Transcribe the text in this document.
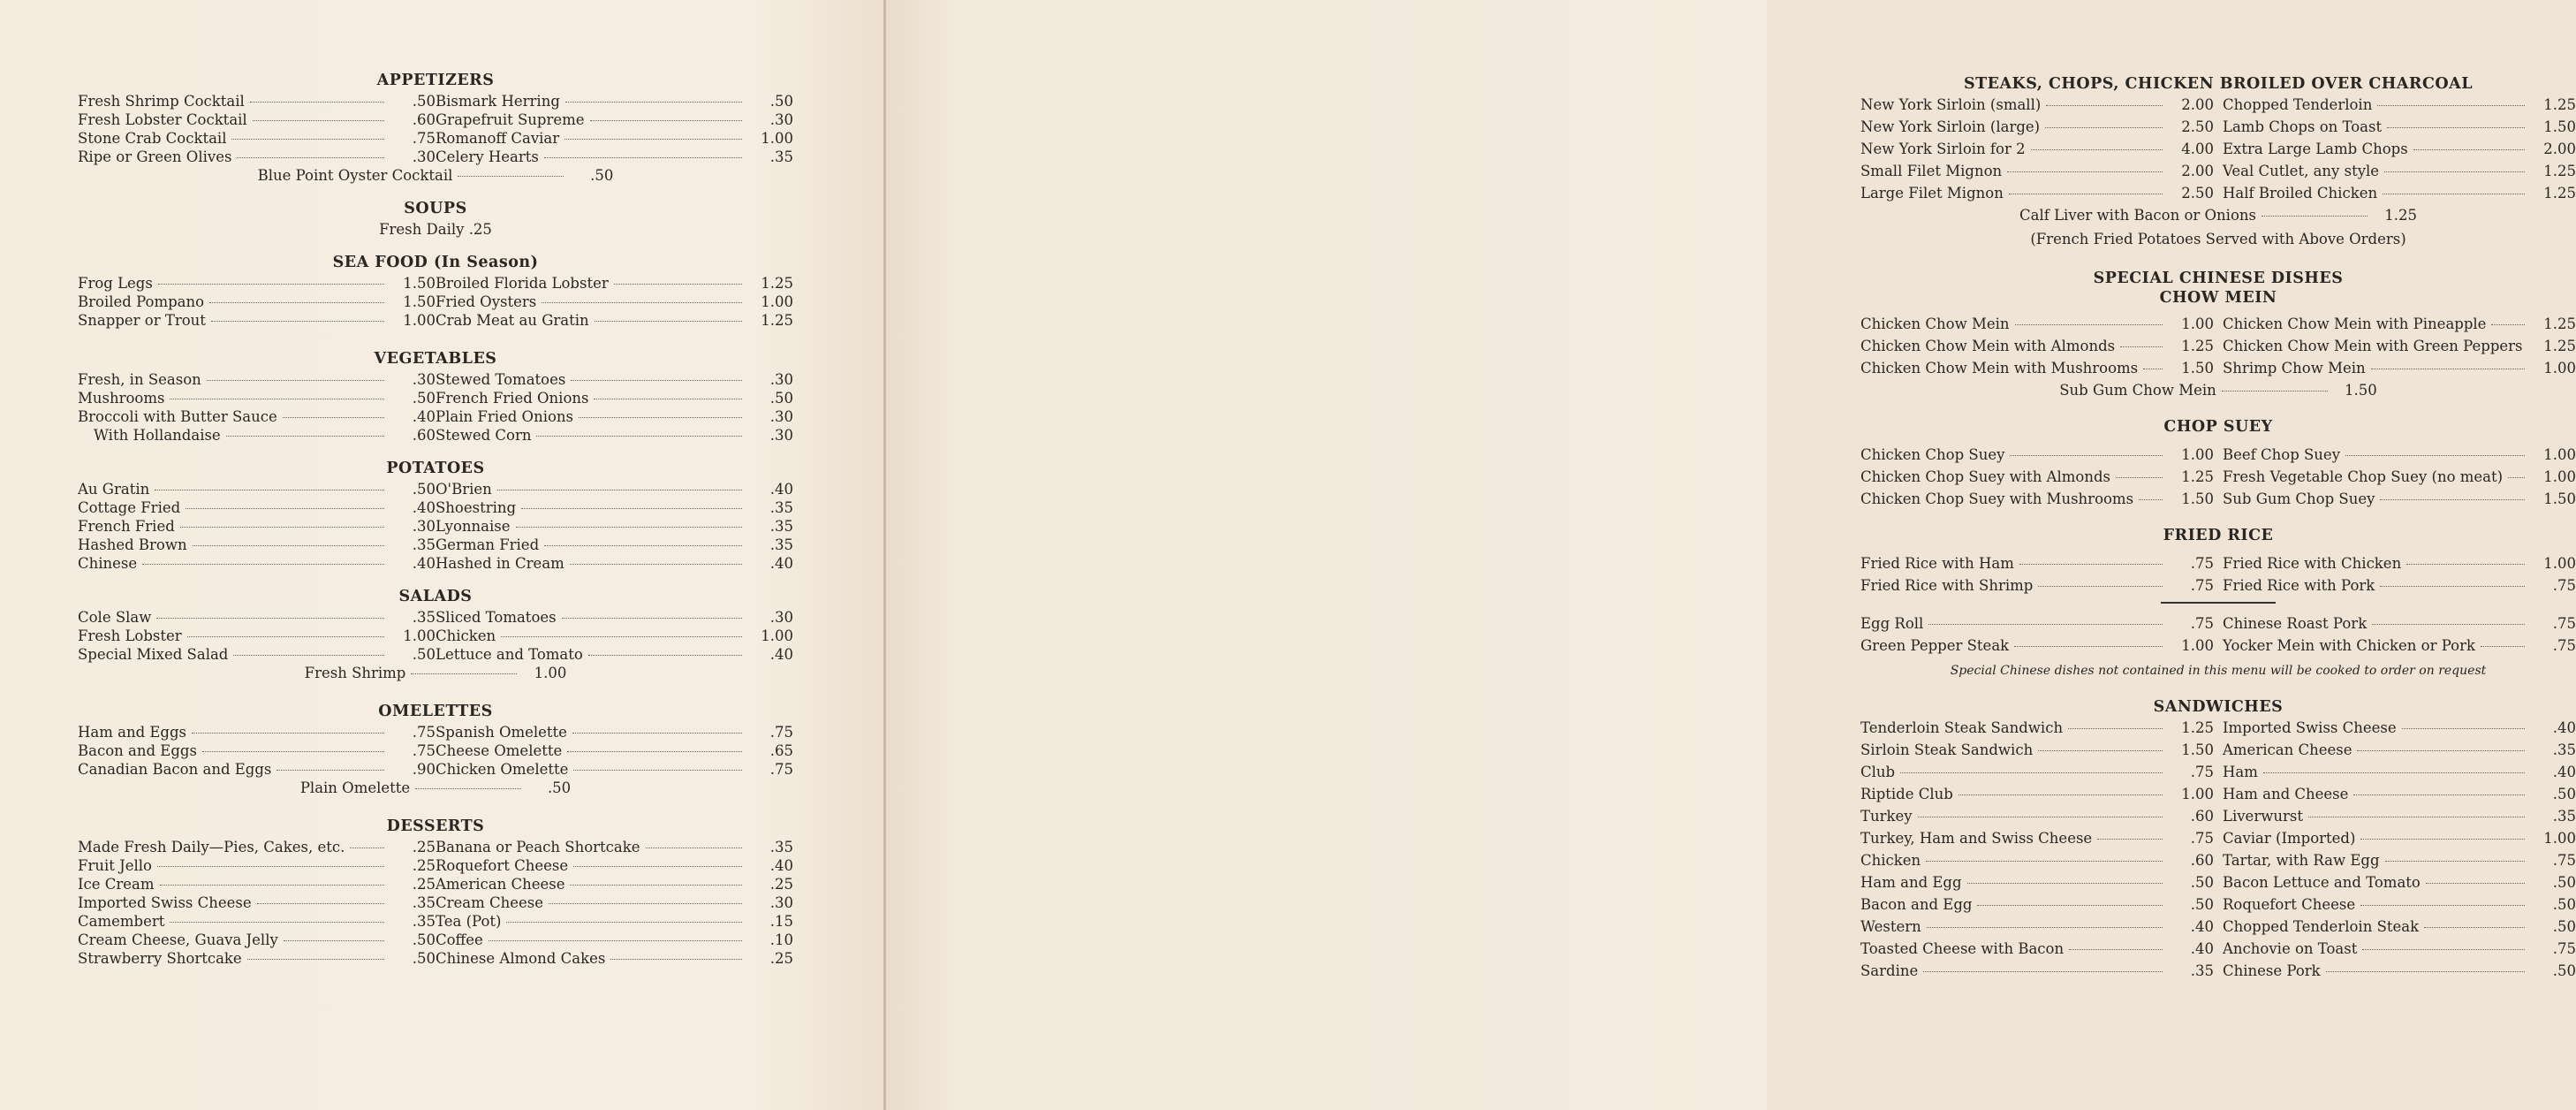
APPETIZERS
Fresh Shrimp Cocktail	.50
Fresh Lobster Cocktail	.60
Stone Crab Cocktail	.75
Ripe or Green Olives	.30
Bismark Herring	.50
Grapefruit Supreme	.30
Romanoff Caviar	1.00
Celery Hearts	.35
Blue Point Oyster Cocktail	.50
SOUPS
Fresh Daily .25
SEA FOOD (In Season)
Frog Legs	1.50
Broiled Pompano	1.50
Snapper or Trout	1.00
Broiled Florida Lobster	1.25
Fried Oysters	1.00
Crab Meat au Gratin	1.25
VEGETABLES
Fresh, in Season	.30
Mushrooms	.50
Broccoli with Butter Sauce	.40
With Hollandaise	.60
Stewed Tomatoes	.30
French Fried Onions	.50
Plain Fried Onions	.30
Stewed Corn	.30
POTATOES
Au Gratin	.50
Cottage Fried	.40
French Fried	.30
Hashed Brown	.35
Chinese	.40
O'Brien	.40
Shoestring	.35
Lyonnaise	.35
German Fried	.35
Hashed in Cream	.40
SALADS
Cole Slaw	.35
Fresh Lobster	1.00
Special Mixed Salad	.50
Sliced Tomatoes	.30
Chicken	1.00
Lettuce and Tomato	.40
Fresh Shrimp	1.00
OMELETTES
Ham and Eggs	.75
Bacon and Eggs	.75
Canadian Bacon and Eggs	.90
Spanish Omelette	.75
Cheese Omelette	.65
Chicken Omelette	.75
Plain Omelette	.50
DESSERTS
Made Fresh Daily—Pies, Cakes, etc.	.25
Fruit Jello	.25
Ice Cream	.25
Imported Swiss Cheese	.35
Camembert	.35
Cream Cheese, Guava Jelly	.50
Strawberry Shortcake	.50
Banana or Peach Shortcake	.35
Roquefort Cheese	.40
American Cheese	.25
Cream Cheese	.30
Tea (Pot)	.15
Coffee	.10
Chinese Almond Cakes	.25
STEAKS, CHOPS, CHICKEN BROILED OVER CHARCOAL
New York Sirloin (small)	2.00
New York Sirloin (large)	2.50
New York Sirloin for 2	4.00
Small Filet Mignon	2.00
Large Filet Mignon	2.50
Chopped Tenderloin	1.25
Lamb Chops on Toast	1.50
Extra Large Lamb Chops	2.00
Veal Cutlet, any style	1.25
Half Broiled Chicken	1.25
Calf Liver with Bacon or Onions	1.25
(French Fried Potatoes Served with Above Orders)
SPECIAL CHINESE DISHES
CHOW MEIN
Chicken Chow Mein	1.00
Chicken Chow Mein with Almonds	1.25
Chicken Chow Mein with Mushrooms	1.50
Chicken Chow Mein with Pineapple	1.25
Chicken Chow Mein with Green Peppers	1.25
Shrimp Chow Mein	1.00
Sub Gum Chow Mein	1.50
CHOP SUEY
Chicken Chop Suey	1.00
Chicken Chop Suey with Almonds	1.25
Chicken Chop Suey with Mushrooms	1.50
Beef Chop Suey	1.00
Fresh Vegetable Chop Suey (no meat)	1.00
Sub Gum Chop Suey	1.50
FRIED RICE
Fried Rice with Ham	.75
Fried Rice with Shrimp	.75
Fried Rice with Chicken	1.00
Fried Rice with Pork	.75
Egg Roll	.75
Green Pepper Steak	1.00
Chinese Roast Pork	.75
Yocker Mein with Chicken or Pork	.75
Special Chinese dishes not contained in this menu will be cooked to order on request
SANDWICHES
Tenderloin Steak Sandwich	1.25
Sirloin Steak Sandwich	1.50
Club	.75
Riptide Club	1.00
Turkey	.60
Turkey, Ham and Swiss Cheese	.75
Chicken	.60
Ham and Egg	.50
Bacon and Egg	.50
Western	.40
Toasted Cheese with Bacon	.40
Sardine	.35
Imported Swiss Cheese	.40
American Cheese	.35
Ham	.40
Ham and Cheese	.50
Liverwurst	.35
Caviar (Imported)	1.00
Tartar, with Raw Egg	.75
Bacon Lettuce and Tomato	.50
Roquefort Cheese	.50
Chopped Tenderloin Steak	.50
Anchovie on Toast	.75
Chinese Pork	.50
